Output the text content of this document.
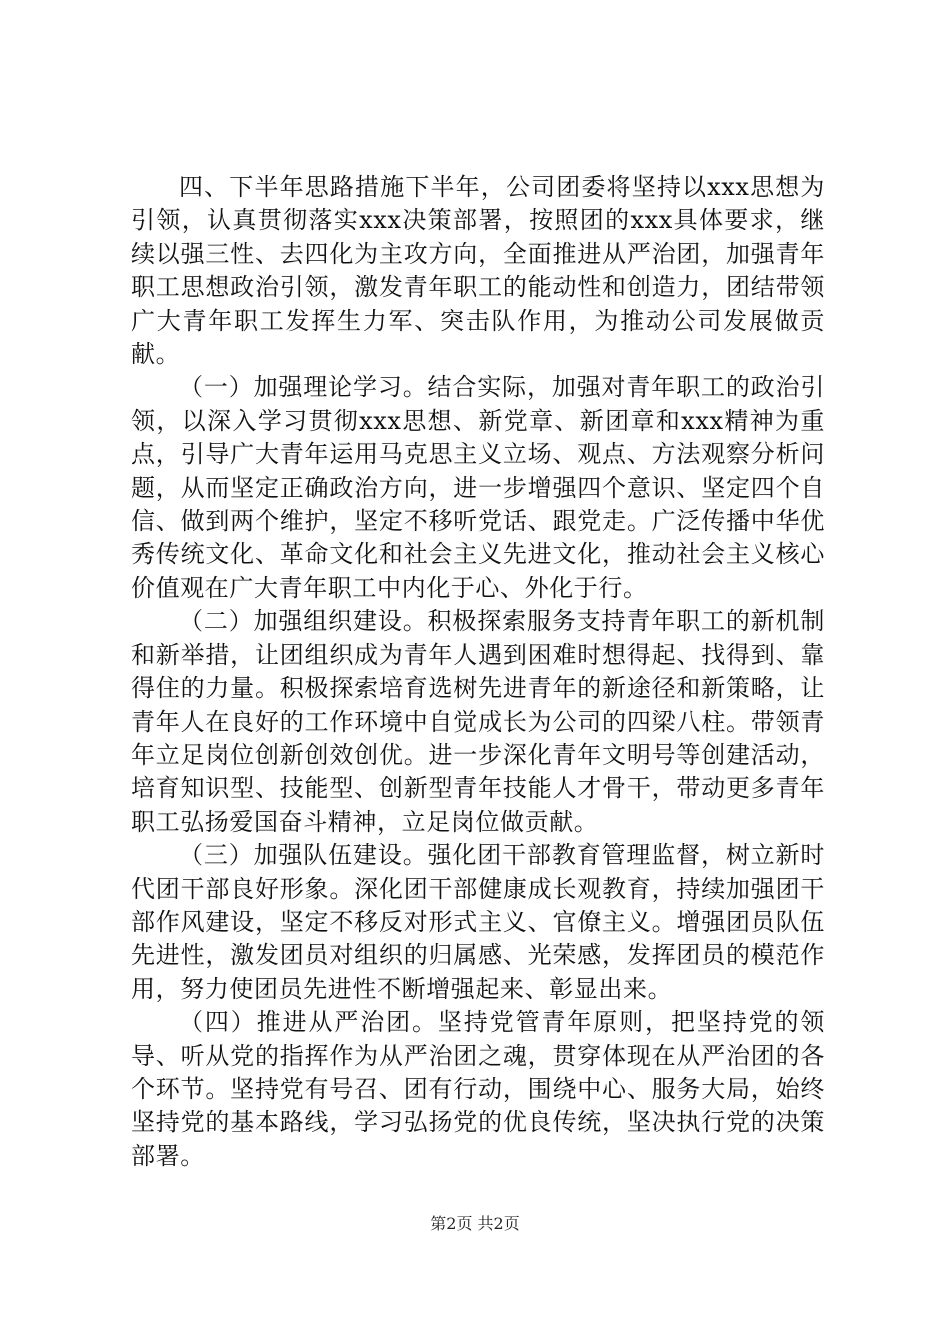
四、下半年思路措施下半年，公司团委将坚持以xxx思想为引领，认真贯彻落实xxx决策部署，按照团的xxx具体要求，继续以强三性、去四化为主攻方向，全面推进从严治团，加强青年职工思想政治引领，激发青年职工的能动性和创造力，团结带领广大青年职工发挥生力军、突击队作用，为推动公司发展做贡献。

（一）加强理论学习。结合实际，加强对青年职工的政治引领，以深入学习贯彻xxx思想、新党章、新团章和xxx精神为重点，引导广大青年运用马克思主义立场、观点、方法观察分析问题，从而坚定正确政治方向，进一步增强四个意识、坚定四个自信、做到两个维护，坚定不移听党话、跟党走。广泛传播中华优秀传统文化、革命文化和社会主义先进文化，推动社会主义核心价值观在广大青年职工中内化于心、外化于行。

（二）加强组织建设。积极探索服务支持青年职工的新机制和新举措，让团组织成为青年人遇到困难时想得起、找得到、靠得住的力量。积极探索培育选树先进青年的新途径和新策略，让青年人在良好的工作环境中自觉成长为公司的四梁八柱。带领青年立足岗位创新创效创优。进一步深化青年文明号等创建活动，培育知识型、技能型、创新型青年技能人才骨干，带动更多青年职工弘扬爱国奋斗精神，立足岗位做贡献。

（三）加强队伍建设。强化团干部教育管理监督，树立新时代团干部良好形象。深化团干部健康成长观教育，持续加强团干部作风建设，坚定不移反对形式主义、官僚主义。增强团员队伍先进性，激发团员对组织的归属感、光荣感，发挥团员的模范作用，努力使团员先进性不断增强起来、彰显出来。

（四）推进从严治团。坚持党管青年原则，把坚持党的领导、听从党的指挥作为从严治团之魂，贯穿体现在从严治团的各个环节。坚持党有号召、团有行动，围绕中心、服务大局，始终坚持党的基本路线，学习弘扬党的优良传统，坚决执行党的决策部署。

第2页 共2页
